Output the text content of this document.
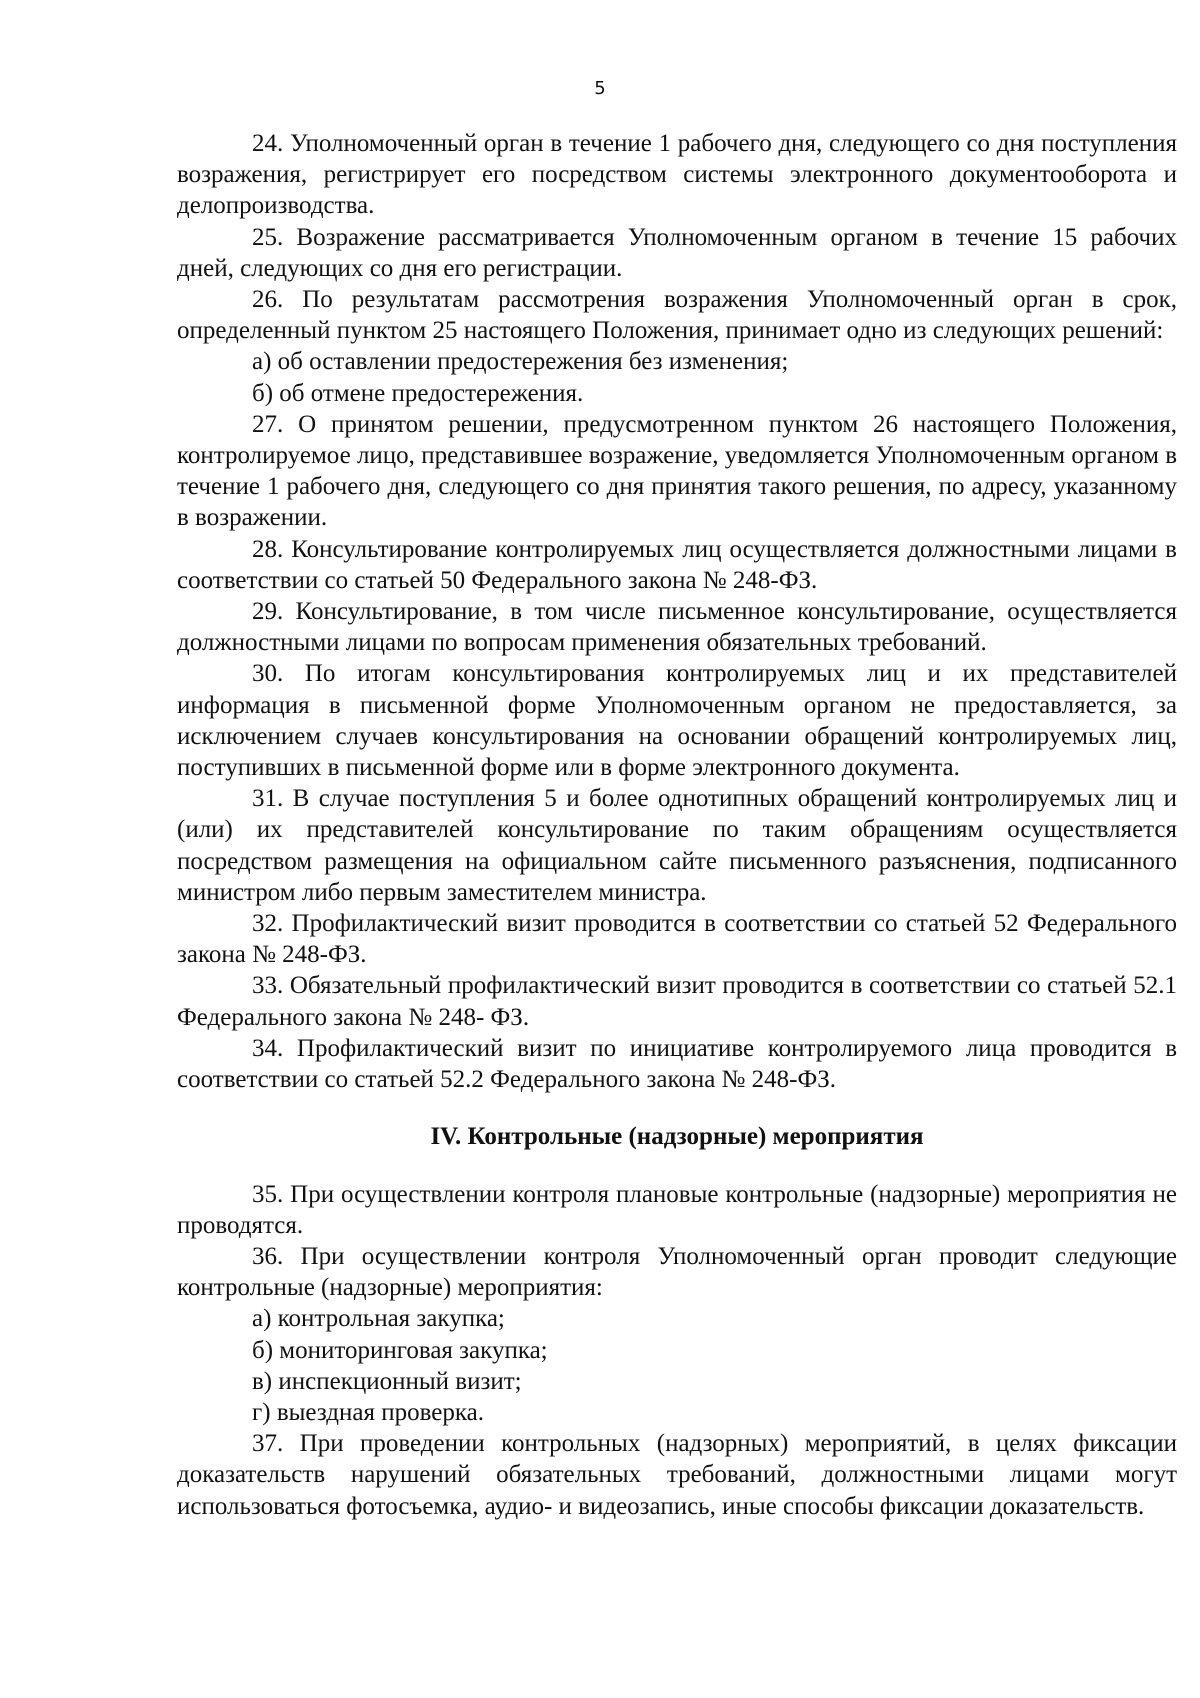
5

24. Уполномоченный орган в течение 1 рабочего дня, следующего со дня поступления возражения, регистрирует его посредством системы электронного документооборота и делопроизводства.

25. Возражение рассматривается Уполномоченным органом в течение 15 рабочих дней, следующих со дня его регистрации.

26. По результатам рассмотрения возражения Уполномоченный орган в срок, определенный пунктом 25 настоящего Положения, принимает одно из следующих решений:

а) об оставлении предостережения без изменения;

б) об отмене предостережения.

27. О принятом решении, предусмотренном пунктом 26 настоящего Положения, контролируемое лицо, представившее возражение, уведомляется Уполномоченным органом в течение 1 рабочего дня, следующего со дня принятия такого решения, по адресу, указанному в возражении.

28. Консультирование контролируемых лиц осуществляется должностными лицами в соответствии со статьей 50 Федерального закона № 248-ФЗ.

29. Консультирование, в том числе письменное консультирование, осуществляется должностными лицами по вопросам применения обязательных требований.

30. По итогам консультирования контролируемых лиц и их представителей информация в письменной форме Уполномоченным органом не предоставляется, за исключением случаев консультирования на основании обращений контролируемых лиц, поступивших в письменной форме или в форме электронного документа.

31. В случае поступления 5 и более однотипных обращений контролируемых лиц и (или) их представителей консультирование по таким обращениям осуществляется посредством размещения на официальном сайте письменного разъяснения, подписанного министром либо первым заместителем министра.

32. Профилактический визит проводится в соответствии со статьей 52 Федерального закона № 248-ФЗ.

33. Обязательный профилактический визит проводится в соответствии со статьей 52.1 Федерального закона № 248- ФЗ.

34. Профилактический визит по инициативе контролируемого лица проводится в соответствии со статьей 52.2 Федерального закона № 248-ФЗ.

IV. Контрольные (надзорные) мероприятия

35. При осуществлении контроля плановые контрольные (надзорные) мероприятия не проводятся.

36. При осуществлении контроля Уполномоченный орган проводит следующие контрольные (надзорные) мероприятия:

а) контрольная закупка;

б) мониторинговая закупка;

в) инспекционный визит;

г) выездная проверка.

37. При проведении контрольных (надзорных) мероприятий, в целях фиксации доказательств нарушений обязательных требований, должностными лицами могут использоваться фотосъемка, аудио- и видеозапись, иные способы фиксации доказательств.
